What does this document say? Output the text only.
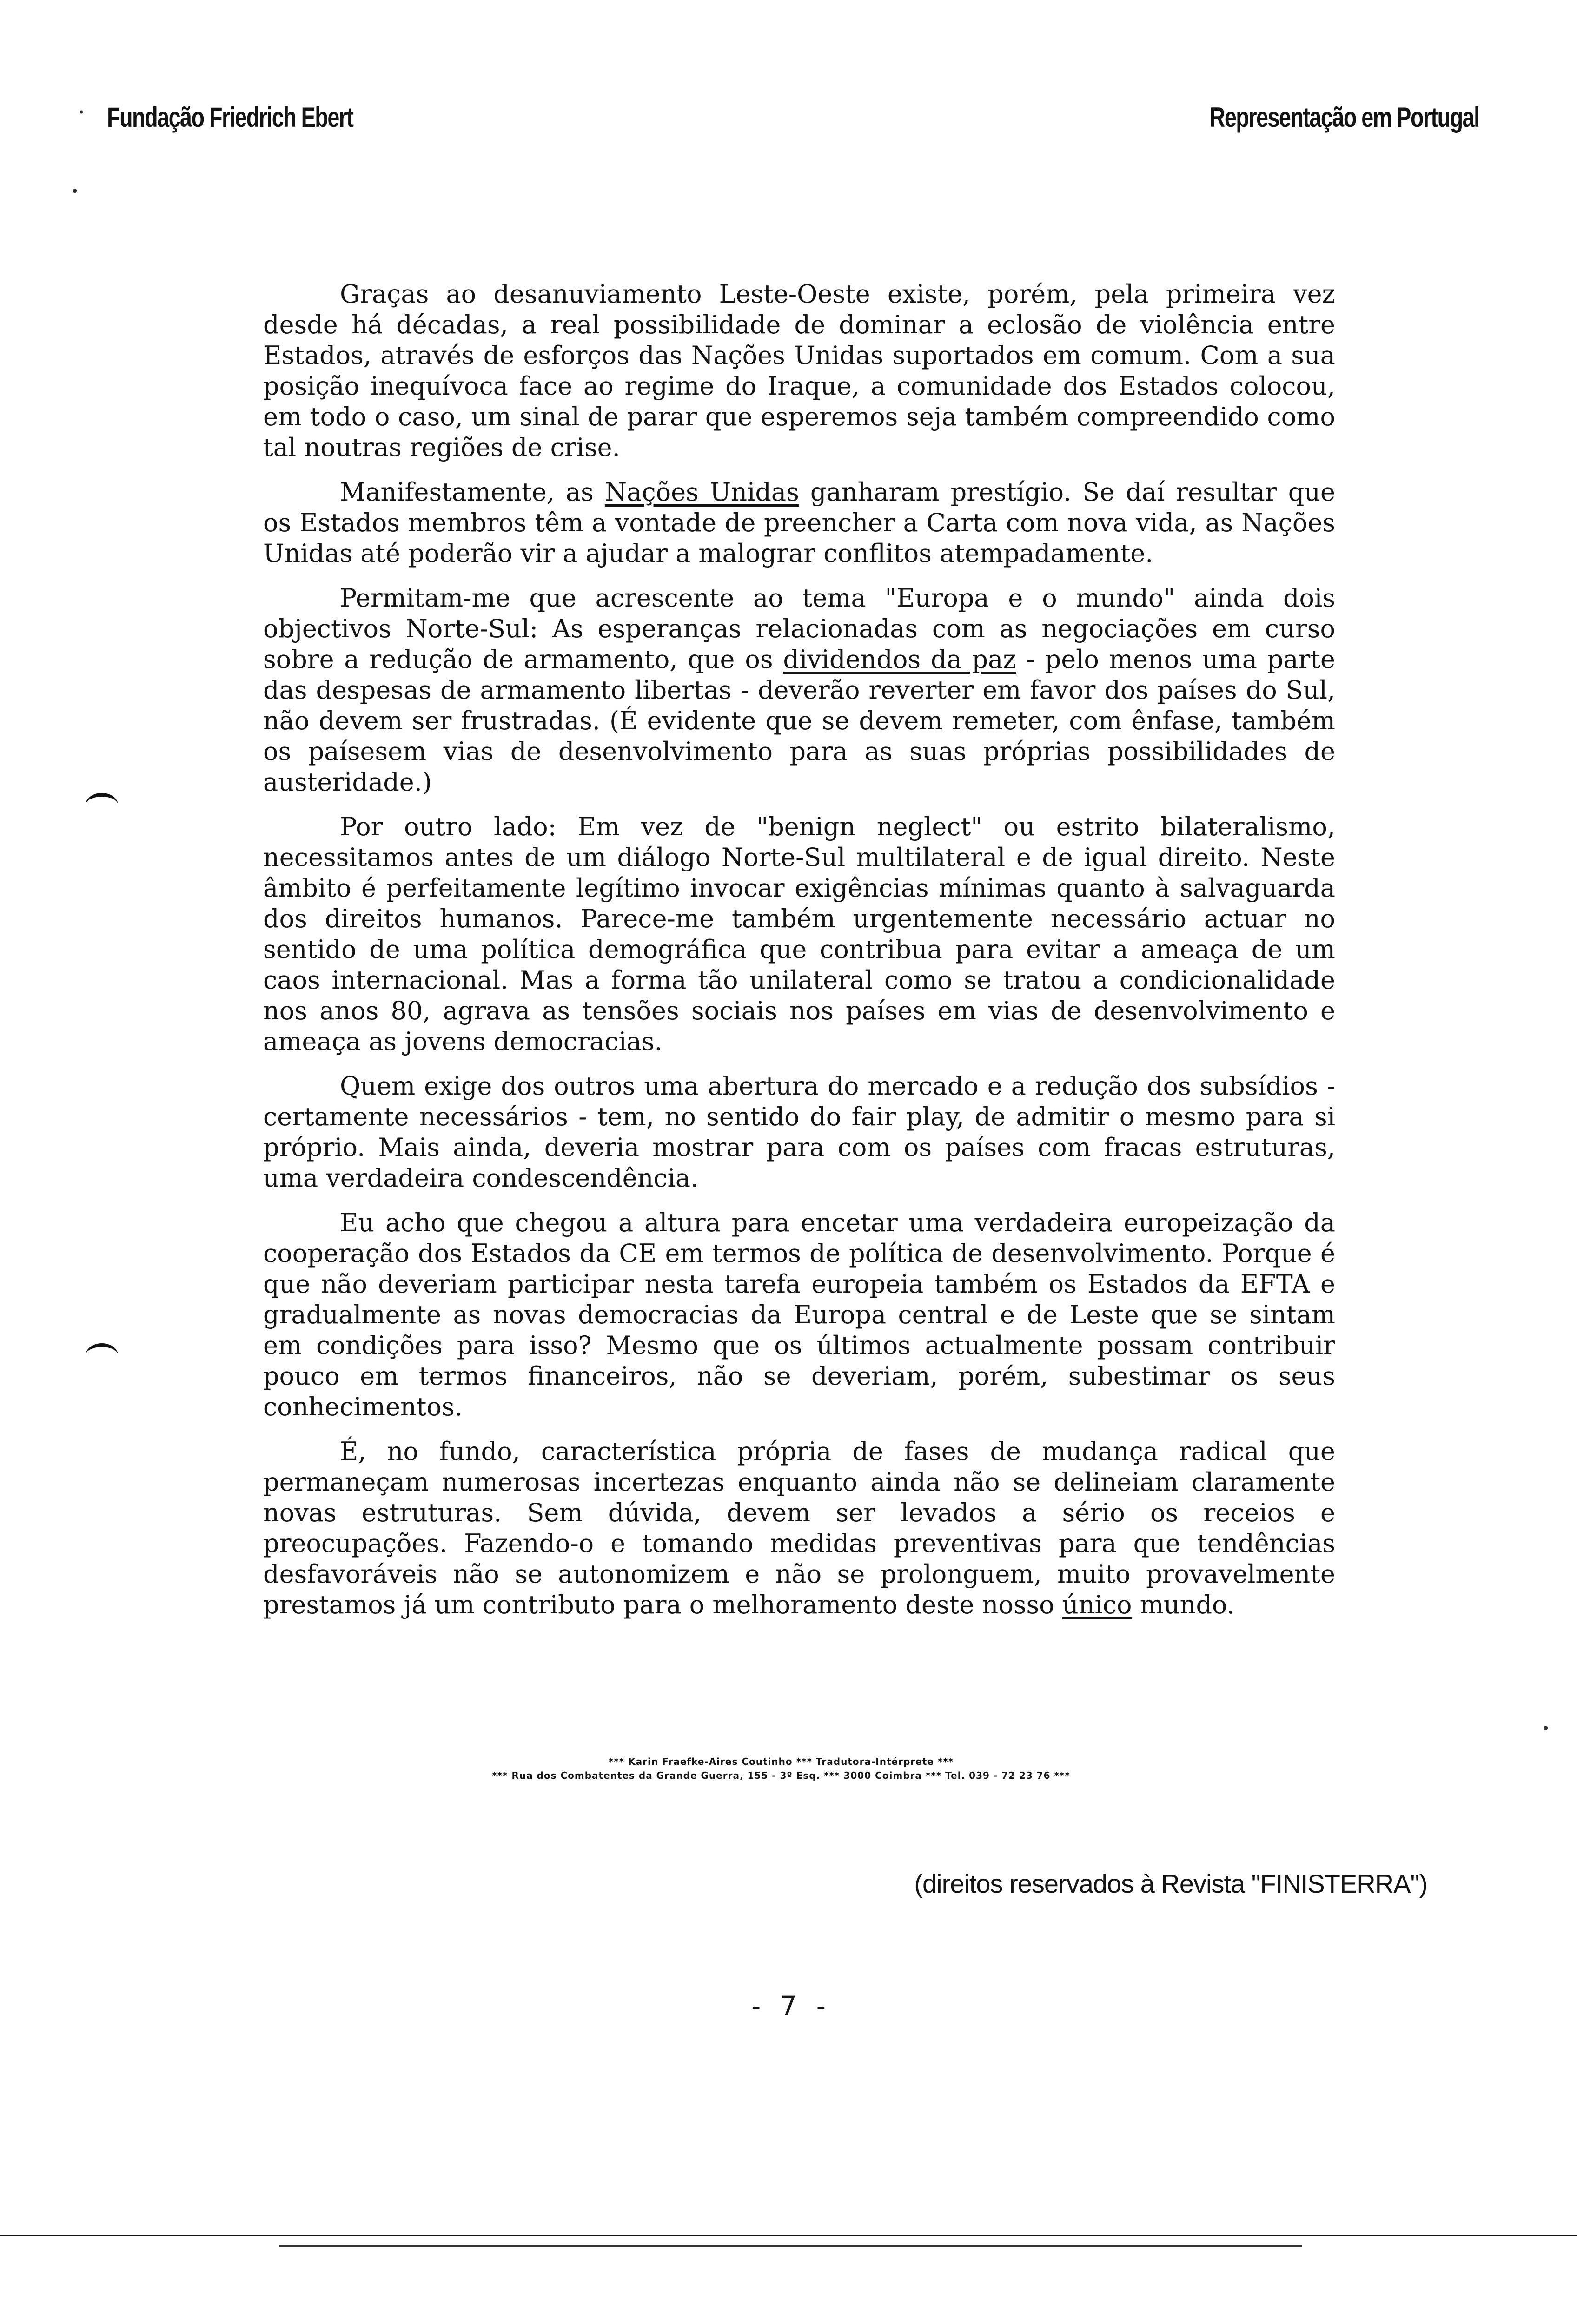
Fundação Friedrich Ebert	Representação em Portugal
•
•
•

Graças ao desanuviamento Leste-Oeste existe, porém, pela primeira vez desde há décadas, a real possibilidade de dominar a eclosão de violência entre Estados, através de esforços das Nações Unidas suportados em comum. Com a sua posição inequívoca face ao regime do Iraque, a comunidade dos Estados colocou, em todo o caso, um sinal de parar que esperemos seja também compreendido como tal noutras regiões de crise.

Manifestamente, as Nações Unidas ganharam prestígio. Se daí resultar que os Estados membros têm a vontade de preencher a Carta com nova vida, as Nações Unidas até poderão vir a ajudar a malograr conflitos atempadamente.

Permitam-me que acrescente ao tema "Europa e o mundo" ainda dois objectivos Norte-Sul: As esperanças relacionadas com as negociações em curso sobre a redução de armamento, que os dividendos da paz - pelo menos uma parte das despesas de armamento libertas - deverão reverter em favor dos países do Sul, não devem ser frustradas. (É evidente que se devem remeter, com ênfase, também os paísesem vias de desenvolvimento para as suas próprias possibilidades de austeridade.)

Por outro lado: Em vez de "benign neglect" ou estrito bilateralismo, necessitamos antes de um diálogo Norte-Sul multilateral e de igual direito. Neste âmbito é perfeitamente legítimo invocar exigências mínimas quanto à salvaguarda dos direitos humanos. Parece-me também urgentemente necessário actuar no sentido de uma política demográfica que contribua para evitar a ameaça de um caos internacional. Mas a forma tão unilateral como se tratou a condicionalidade nos anos 80, agrava as tensões sociais nos países em vias de desenvolvimento e ameaça as jovens democracias.

Quem exige dos outros uma abertura do mercado e a redução dos subsídios - certamente necessários - tem, no sentido do fair play, de admitir o mesmo para si próprio. Mais ainda, deveria mostrar para com os países com fracas estruturas, uma verdadeira condescendência.

Eu acho que chegou a altura para encetar uma verdadeira europeização da cooperação dos Estados da CE em termos de política de desenvolvimento. Porque é que não deveriam participar nesta tarefa europeia também os Estados da EFTA e gradualmente as novas democracias da Europa central e de Leste que se sintam em condições para isso? Mesmo que os últimos actualmente possam contribuir pouco em termos financeiros, não se deveriam, porém, subestimar os seus conhecimentos.

É, no fundo, característica própria de fases de mudança radical que permaneçam numerosas incertezas enquanto ainda não se delineiam claramente novas estruturas. Sem dúvida, devem ser levados a sério os receios e preocupações. Fazendo-o e tomando medidas preventivas para que tendências desfavoráveis não se autonomizem e não se prolonguem, muito provavelmente prestamos já um contributo para o melhoramento deste nosso único mundo.

*** Karin Fraefke-Aires Coutinho *** Tradutora-Intérprete ***
*** Rua dos Combatentes da Grande Guerra, 155 - 3º Esq. *** 3000 Coimbra *** Tel. 039 - 72 23 76 ***
(direitos reservados à Revista "FINISTERRA")
- 7 -
